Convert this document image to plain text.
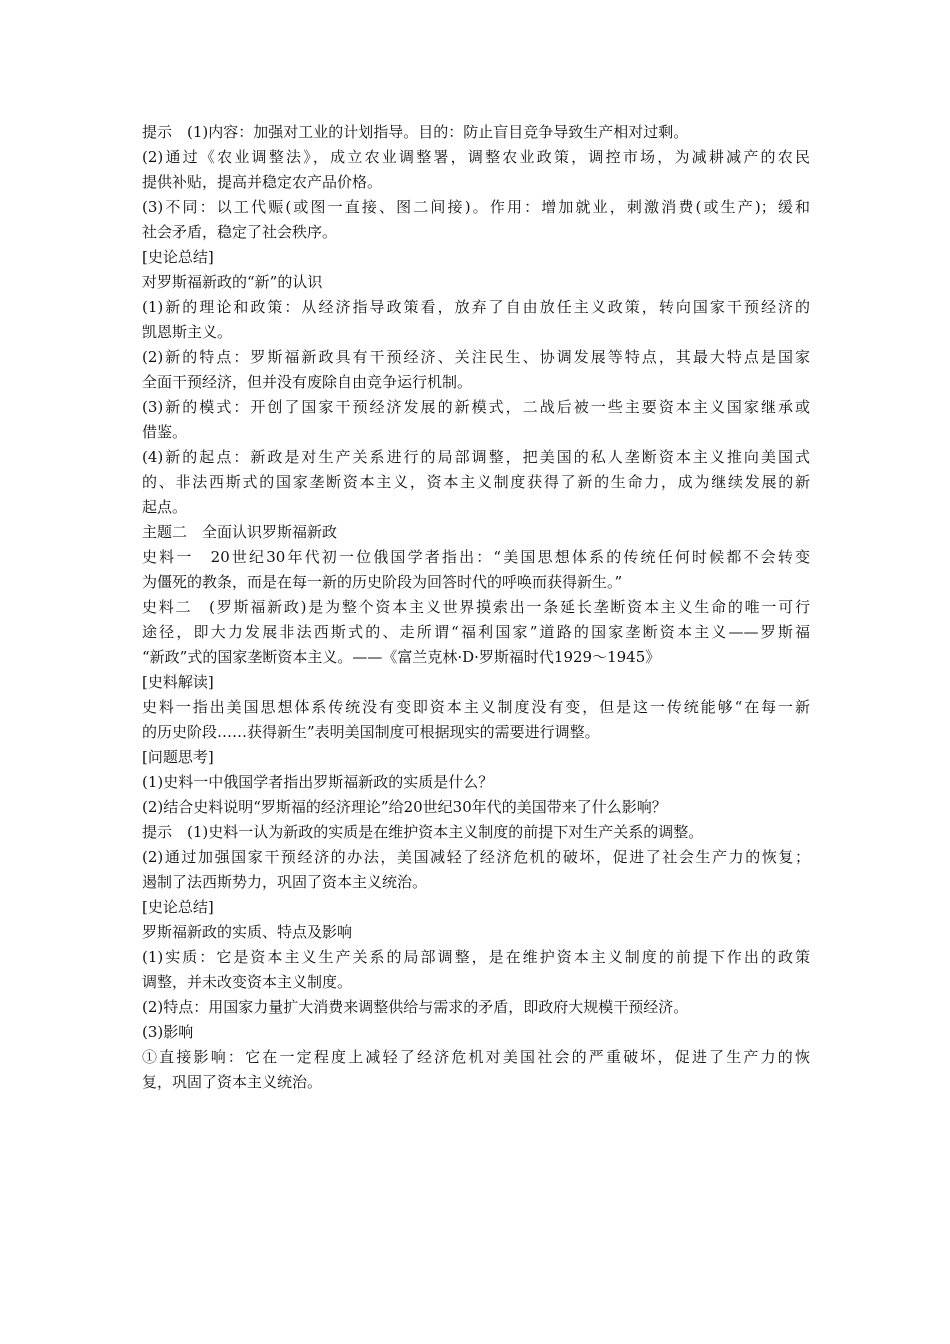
提示　(1)内容：加强对工业的计划指导。目的：防止盲目竞争导致生产相对过剩。

(2)通过《农业调整法》，成立农业调整署，调整农业政策，调控市场，为减耕减产的农民

提供补贴，提高并稳定农产品价格。

(3)不同：以工代赈(或图一直接、图二间接)。作用：增加就业，刺激消费(或生产)；缓和

社会矛盾，稳定了社会秩序。

[史论总结]

对罗斯福新政的“新”的认识

(1)新的理论和政策：从经济指导政策看，放弃了自由放任主义政策，转向国家干预经济的

凯恩斯主义。

(2)新的特点：罗斯福新政具有干预经济、关注民生、协调发展等特点，其最大特点是国家

全面干预经济，但并没有废除自由竞争运行机制。

(3)新的模式：开创了国家干预经济发展的新模式，二战后被一些主要资本主义国家继承或

借鉴。

(4)新的起点：新政是对生产关系进行的局部调整，把美国的私人垄断资本主义推向美国式

的、非法西斯式的国家垄断资本主义，资本主义制度获得了新的生命力，成为继续发展的新

起点。

主题二　全面认识罗斯福新政

史料一　20世纪30年代初一位俄国学者指出：“美国思想体系的传统任何时候都不会转变

为僵死的教条，而是在每一新的历史阶段为回答时代的呼唤而获得新生。”

史料二　(罗斯福新政)是为整个资本主义世界摸索出一条延长垄断资本主义生命的唯一可行

途径，即大力发展非法西斯式的、走所谓“福利国家”道路的国家垄断资本主义——罗斯福

“新政”式的国家垄断资本主义。——《富兰克林·D·罗斯福时代1929～1945》

[史料解读]

史料一指出美国思想体系传统没有变即资本主义制度没有变，但是这一传统能够“在每一新

的历史阶段……获得新生”表明美国制度可根据现实的需要进行调整。

[问题思考]

(1)史料一中俄国学者指出罗斯福新政的实质是什么？

(2)结合史料说明“罗斯福的经济理论”给20世纪30年代的美国带来了什么影响？

提示　(1)史料一认为新政的实质是在维护资本主义制度的前提下对生产关系的调整。

(2)通过加强国家干预经济的办法，美国减轻了经济危机的破坏，促进了社会生产力的恢复；

遏制了法西斯势力，巩固了资本主义统治。

[史论总结]

罗斯福新政的实质、特点及影响

(1)实质：它是资本主义生产关系的局部调整，是在维护资本主义制度的前提下作出的政策

调整，并未改变资本主义制度。

(2)特点：用国家力量扩大消费来调整供给与需求的矛盾，即政府大规模干预经济。

(3)影响

①直接影响：它在一定程度上减轻了经济危机对美国社会的严重破坏，促进了生产力的恢

复，巩固了资本主义统治。
